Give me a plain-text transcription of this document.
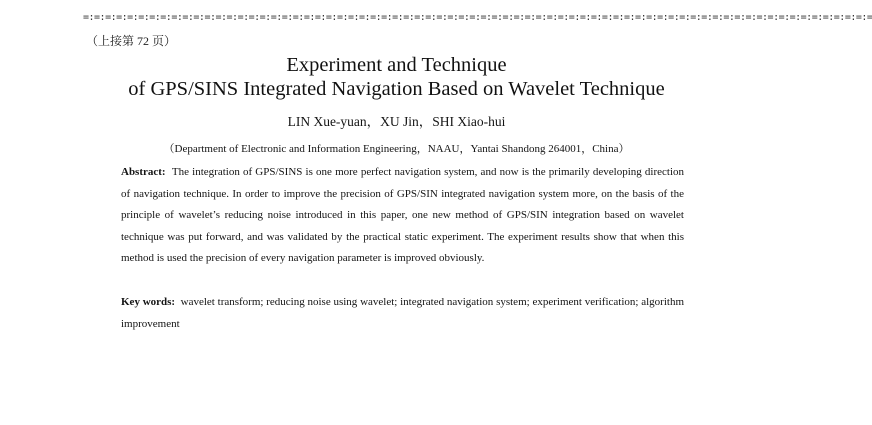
=:=:=:=:=:=:=:=:=:=:=:=:=:=:=:=:=:=:=:=:=:=:=:=:=:=:=:=:=:=:=:=:=:=:=:=:=:=:=:=:=:=:=:=:=:=:=:=:=:=:=:=:=:=:=:=:=:=:=:=:=:=:=:=:=:=:=:=:=:=:=:=
（上接第 72 页）
Experiment and Technique
of GPS/SINS Integrated Navigation Based on Wavelet Technique
LIN Xue-yuan，XU Jin，SHI Xiao-hui
（Department of Electronic and Information Engineering，NAAU，Yantai Shandong 264001，China）

Abstract: The integration of GPS/SINS is one more perfect navigation system, and now is the primarily developing direction of navigation technique. In order to improve the precision of GPS/SIN integrated navigation system more, on the basis of the principle of wavelet’s reducing noise introduced in this paper, one new method of GPS/SIN integration based on wavelet technique was put forward, and was validated by the practical static experiment. The experiment results show that when this method is used the precision of every navigation parameter is improved obviously.

Key words: wavelet transform; reducing noise using wavelet; integrated navigation system; experiment verification; algorithm improvement
